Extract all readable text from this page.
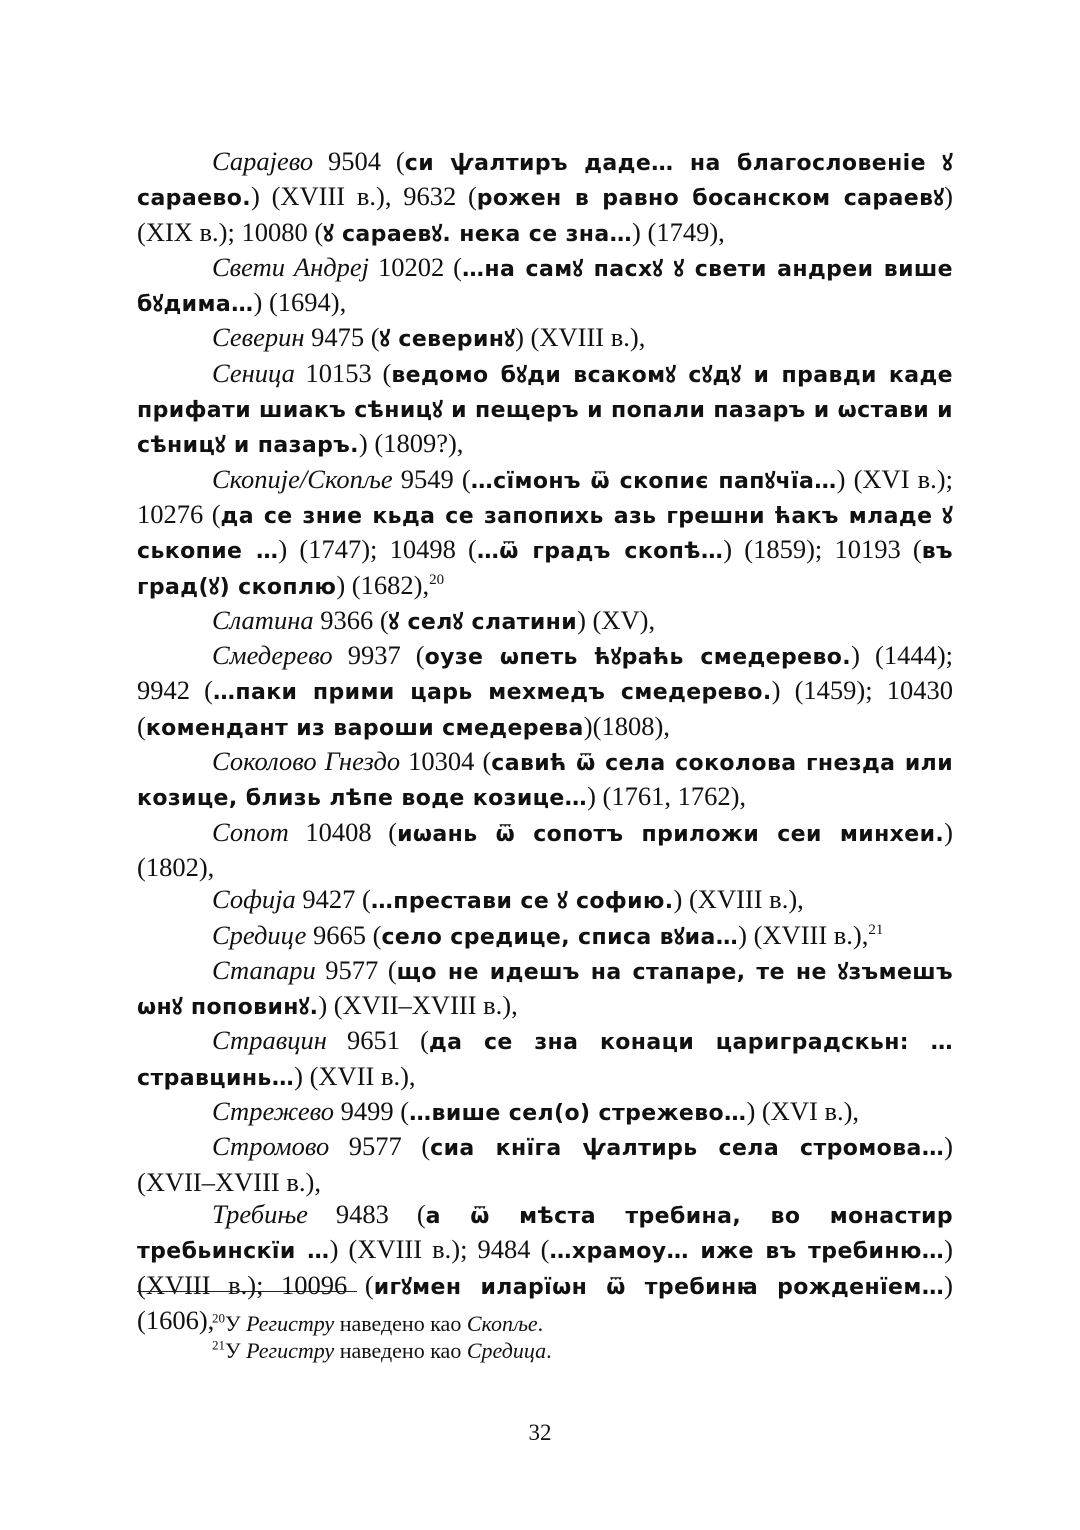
Сарајево 9504 (си ѱалтиръ даде… на благословеніе ꙋ сараево.) (XVIII в.), 9632 (рожен в равно босанском сараевꙋ) (XIX в.); 10080 (ꙋ сараевꙋ. нека се зна…) (1749),

Свети Андреј 10202 (…на самꙋ пасхꙋ ꙋ свети андреи више бꙋдима…) (1694),

Северин 9475 (ꙋ северинꙋ) (XVIII в.),

Сеница 10153 (ведомо бꙋди всакомꙋ сꙋдꙋ и правди каде прифати шиакъ сѣницꙋ и пещеръ и попали пазаръ и ѡстави и сѣницꙋ и пазаръ.) (1809?),

Скопије/Скопље 9549 (…сїмонъ ѿ скопиє папꙋчїа…) (XVI в.); 10276 (да се зние кьда се запопихь азь грешни ћакъ младе ꙋ ськопие …) (1747); 10498 (…ѿ градъ скопѣ…) (1859); 10193 (въ град(ꙋ) скоплю) (1682),$^{20}$

Слатина 9366 (ꙋ селꙋ слатини) (XV),

Смедерево 9937 (оузе ѡпеть ћꙋраћь смедерево.) (1444); 9942 (…паки прими царь мехмедъ смедерево.) (1459); 10430 (комендант из вароши смедерева)(1808),

Соколово Гнездо 10304 (савић ѿ села соколова гнезда или козице, близь лѣпе воде козице…) (1761, 1762),

Сопот 10408 (иѡань ѿ сопотъ приложи сеи минхеи.) (1802),

Софија 9427 (…престави се ꙋ софию.) (XVIII в.),

Средице 9665 (село средице, списа вꙋиа…) (XVIII в.),$^{21}$

Стапари 9577 (що не идешъ на стапаре, те не ꙋзъмешъ ѡнꙋ поповинꙋ.) (XVII–XVIII в.),

Стравцин 9651 (да се зна конаци цариградскьн: …стравцинь…) (XVII в.),

Стрежево 9499 (…више сел(о) стрежево…) (XVI в.),

Стромово 9577 (сиа кнїга ѱалтирь села стромова…) (XVII–XVIII в.),

Требиње 9483 (а ѿ мѣста требина, во монастир требьинскїи …) (XVIII в.); 9484 (…храмоу… иже въ требиню…) (XVIII в.); 10096 (игꙋмен иларїѡн ѿ требинꙗ рожденїем…) (1606),

$^{20}$У Регистру наведено као Скопље.

$^{21}$У Регистру наведено као Средица.

32
